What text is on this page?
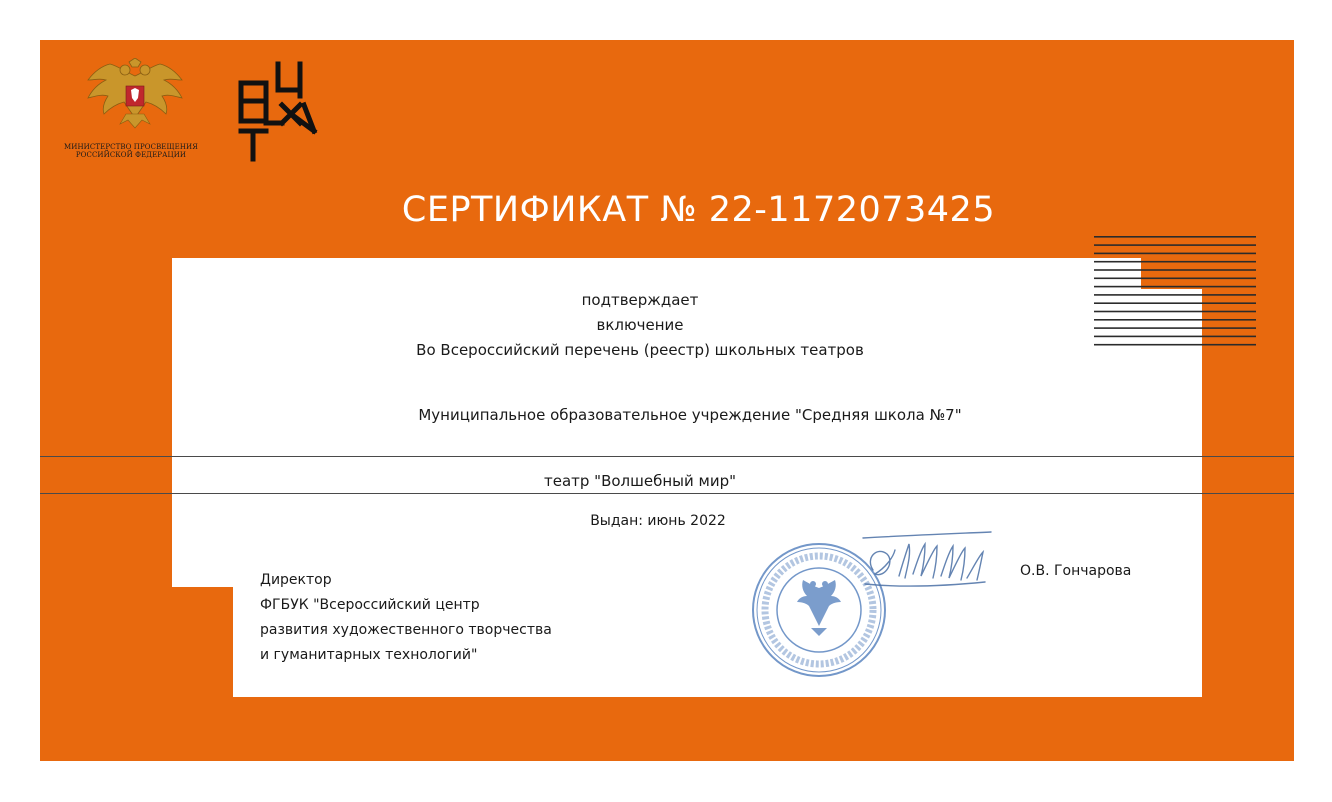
МИНИСТЕРСТВО ПРОСВЕЩЕНИЯ
РОССИЙСКОЙ ФЕДЕРАЦИИ
СЕРТИФИКАТ № 22-1172073425
подтверждает
включение
Во Всероссийский перечень (реестр) школьных театров
Муниципальное образовательное учреждение "Средняя школа №7"
театр "Волшебный мир"
Выдан: июнь 2022
Директор
ФГБУК "Всероссийский центр
развития художественного творчества
и гуманитарных технологий"
О.В. Гончарова
